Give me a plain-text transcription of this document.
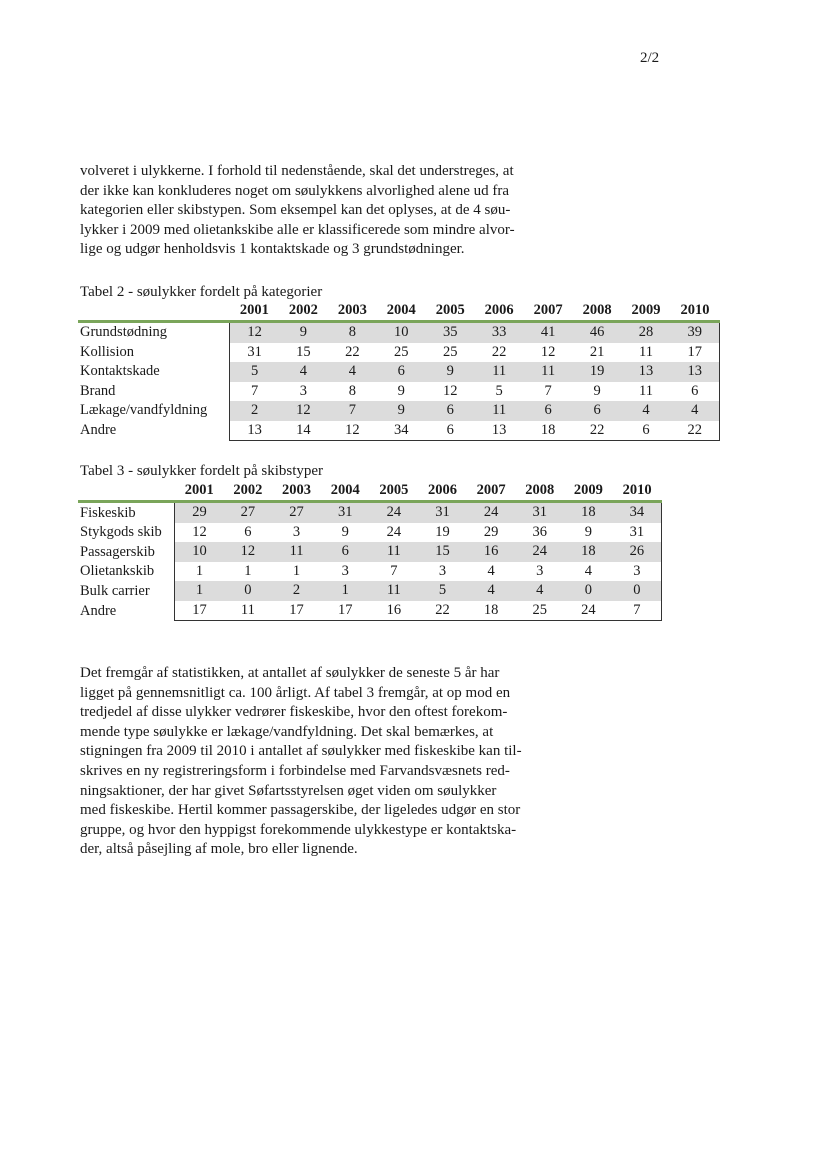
2/2
volveret i ulykkerne. I forhold til nedenstående, skal det understreges, at
der ikke kan konkluderes noget om søulykkens alvorlighed alene ud fra
kategorien eller skibstypen. Som eksempel kan det oplyses, at de 4 søu-
lykker i 2009 med olietankskibe alle er klassificerede som mindre alvor-
lige og udgør henholdsvis 1 kontaktskade og 3 grundstødninger.
Tabel 2 - søulykker fordelt på kategorier
	2001	2002	2003	2004	2005	2006	2007	2008	2009	2010
Grundstødning	12	9	8	10	35	33	41	46	28	39
Kollision	31	15	22	25	25	22	12	21	11	17
Kontaktskade	5	4	4	6	9	11	11	19	13	13
Brand	7	3	8	9	12	5	7	9	11	6
Lækage/vandfyldning	2	12	7	9	6	11	6	6	4	4
Andre	13	14	12	34	6	13	18	22	6	22
Tabel 3 - søulykker fordelt på skibstyper
	2001	2002	2003	2004	2005	2006	2007	2008	2009	2010
Fiskeskib	29	27	27	31	24	31	24	31	18	34
Stykgods skib	12	6	3	9	24	19	29	36	9	31
Passagerskib	10	12	11	6	11	15	16	24	18	26
Olietankskib	1	1	1	3	7	3	4	3	4	3
Bulk carrier	1	0	2	1	11	5	4	4	0	0
Andre	17	11	17	17	16	22	18	25	24	7
Det fremgår af statistikken, at antallet af søulykker de seneste 5 år har
ligget på gennemsnitligt ca. 100 årligt. Af tabel 3 fremgår, at op mod en
tredjedel af disse ulykker vedrører fiskeskibe, hvor den oftest forekom-
mende type søulykke er lækage/vandfyldning. Det skal bemærkes, at
stigningen fra 2009 til 2010 i antallet af søulykker med fiskeskibe kan til-
skrives en ny registreringsform i forbindelse med Farvandsvæsnets red-
ningsaktioner, der har givet Søfartsstyrelsen øget viden om søulykker
med fiskeskibe. Hertil kommer passagerskibe, der ligeledes udgør en stor
gruppe, og hvor den hyppigst forekommende ulykkestype er kontaktska-
der, altså påsejling af mole, bro eller lignende.
